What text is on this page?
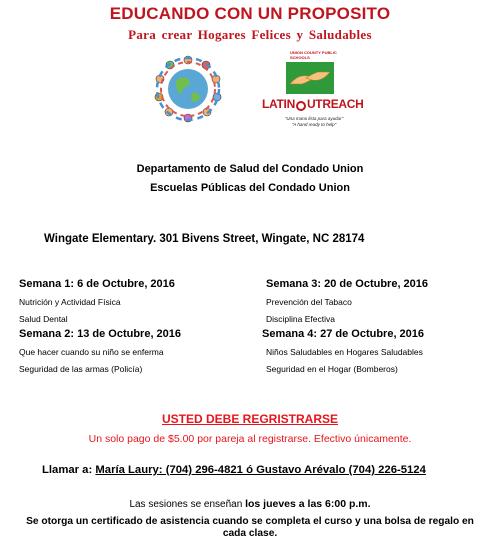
EDUCANDO CON UN PROPOSITO
Para crear Hogares Felices y Saludables
UNION COUNTY PUBLIC SCHOOLS
LATIN UTREACH
"Una mano lista para ayudar"
"A hand ready to help"
Departamento de Salud del Condado Union
Escuelas Públicas del Condado Union
Wingate Elementary. 301 Bivens Street, Wingate, NC 28174
Semana 1: 6 de Octubre, 2016
Nutrición y Actividad Física
Salud Dental
Semana 2: 13 de Octubre, 2016
Que hacer cuando su niño se enferma
Seguridad de las armas (Policía)
Semana 3: 20 de Octubre, 2016
Prevención del Tabaco
Disciplina Efectiva
Semana 4: 27 de Octubre, 2016
Niños Saludables en Hogares Saludables
Seguridad en el Hogar (Bomberos)
USTED DEBE REGRISTRARSE
Un solo pago de $5.00 por pareja al registrarse. Efectivo únicamente.
Llamar a: María Laury: (704) 296-4821 ó Gustavo Arévalo (704) 226-5124
Las sesiones se enseñan los jueves a las 6:00 p.m.
Se otorga un certificado de asistencia cuando se completa el curso y una bolsa de regalo en cada clase.
